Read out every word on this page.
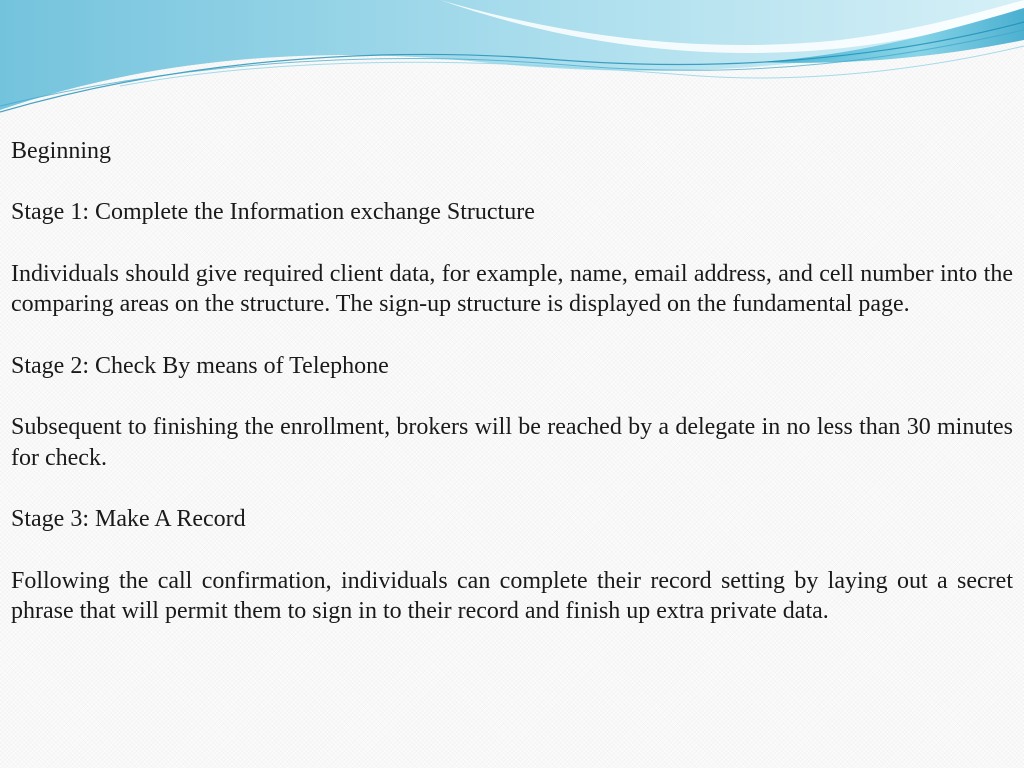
Beginning

Stage 1: Complete the Information exchange Structure

Individuals should give required client data, for example, name, email address, and cell number into the comparing areas on the structure. The sign-up structure is displayed on the fundamental page.

Stage 2: Check By means of Telephone

Subsequent to finishing the enrollment, brokers will be reached by a delegate in no less than 30 minutes for check.

Stage 3: Make A Record

Following the call confirmation, individuals can complete their record setting by laying out a secret phrase that will permit them to sign in to their record and finish up extra private data.
